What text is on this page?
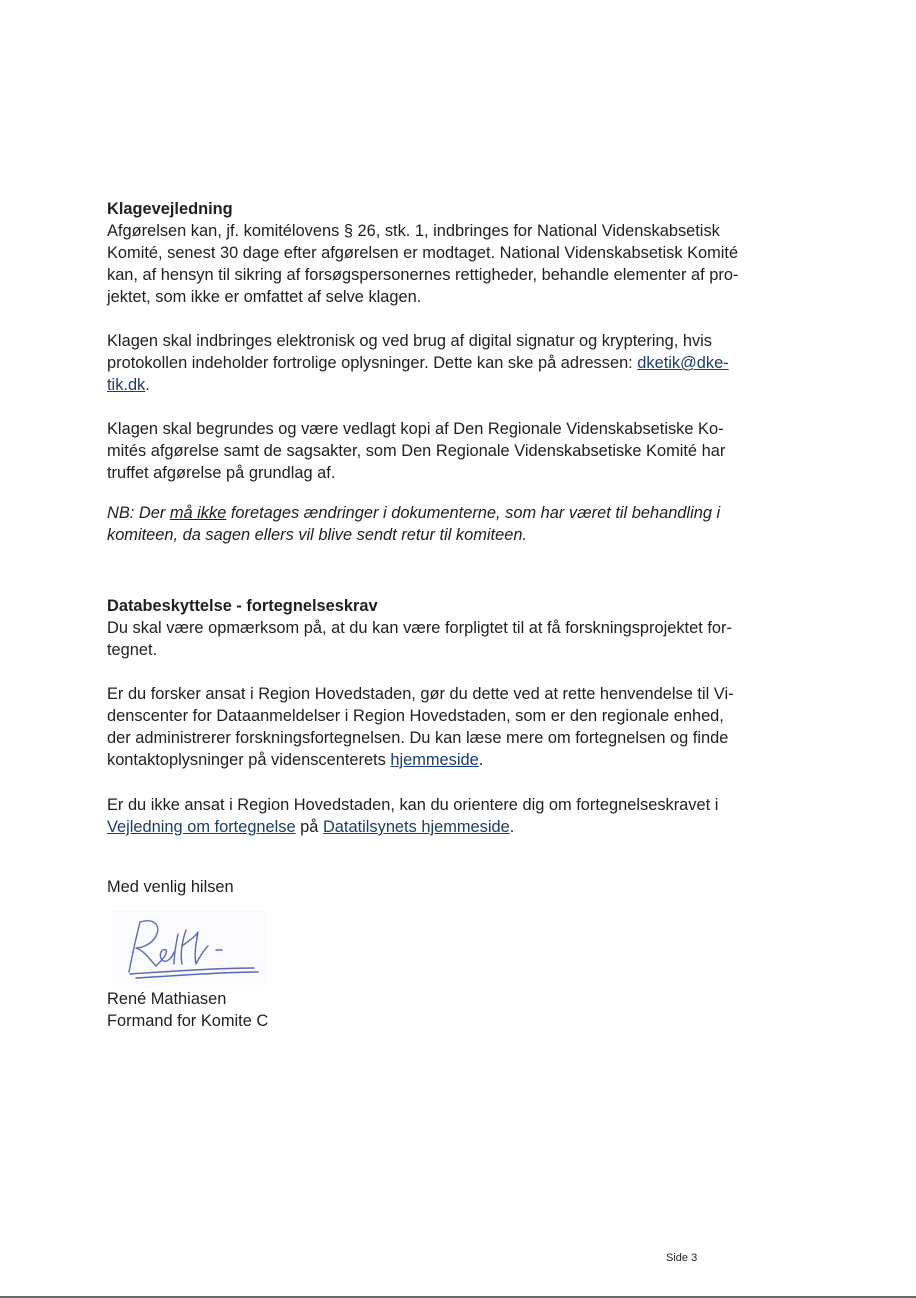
Klagevejledning

Afgørelsen kan, jf. komitélovens § 26, stk. 1, indbringes for National Videnskabsetisk
Komité, senest 30 dage efter afgørelsen er modtaget. National Videnskabsetisk Komité
kan, af hensyn til sikring af forsøgspersonernes rettigheder, behandle elementer af pro-
jektet, som ikke er omfattet af selve klagen.

Klagen skal indbringes elektronisk og ved brug af digital signatur og kryptering, hvis
protokollen indeholder fortrolige oplysninger. Dette kan ske på adressen: dketik@dke-
tik.dk.

Klagen skal begrundes og være vedlagt kopi af Den Regionale Videnskabsetiske Ko-
mités afgørelse samt de sagsakter, som Den Regionale Videnskabsetiske Komité har
truffet afgørelse på grundlag af.

NB: Der må ikke foretages ændringer i dokumenterne, som har været til behandling i
komiteen, da sagen ellers vil blive sendt retur til komiteen.

Databeskyttelse - fortegnelseskrav

Du skal være opmærksom på, at du kan være forpligtet til at få forskningsprojektet for-
tegnet.

Er du forsker ansat i Region Hovedstaden, gør du dette ved at rette henvendelse til Vi-
denscenter for Dataanmeldelser i Region Hovedstaden, som er den regionale enhed,
der administrerer forskningsfortegnelsen. Du kan læse mere om fortegnelsen og finde
kontaktoplysninger på videnscenterets hjemmeside.

Er du ikke ansat i Region Hovedstaden, kan du orientere dig om fortegnelseskravet i
Vejledning om fortegnelse på Datatilsynets hjemmeside.

Med venlig hilsen

René Mathiasen

Formand for Komite C

Side 3
